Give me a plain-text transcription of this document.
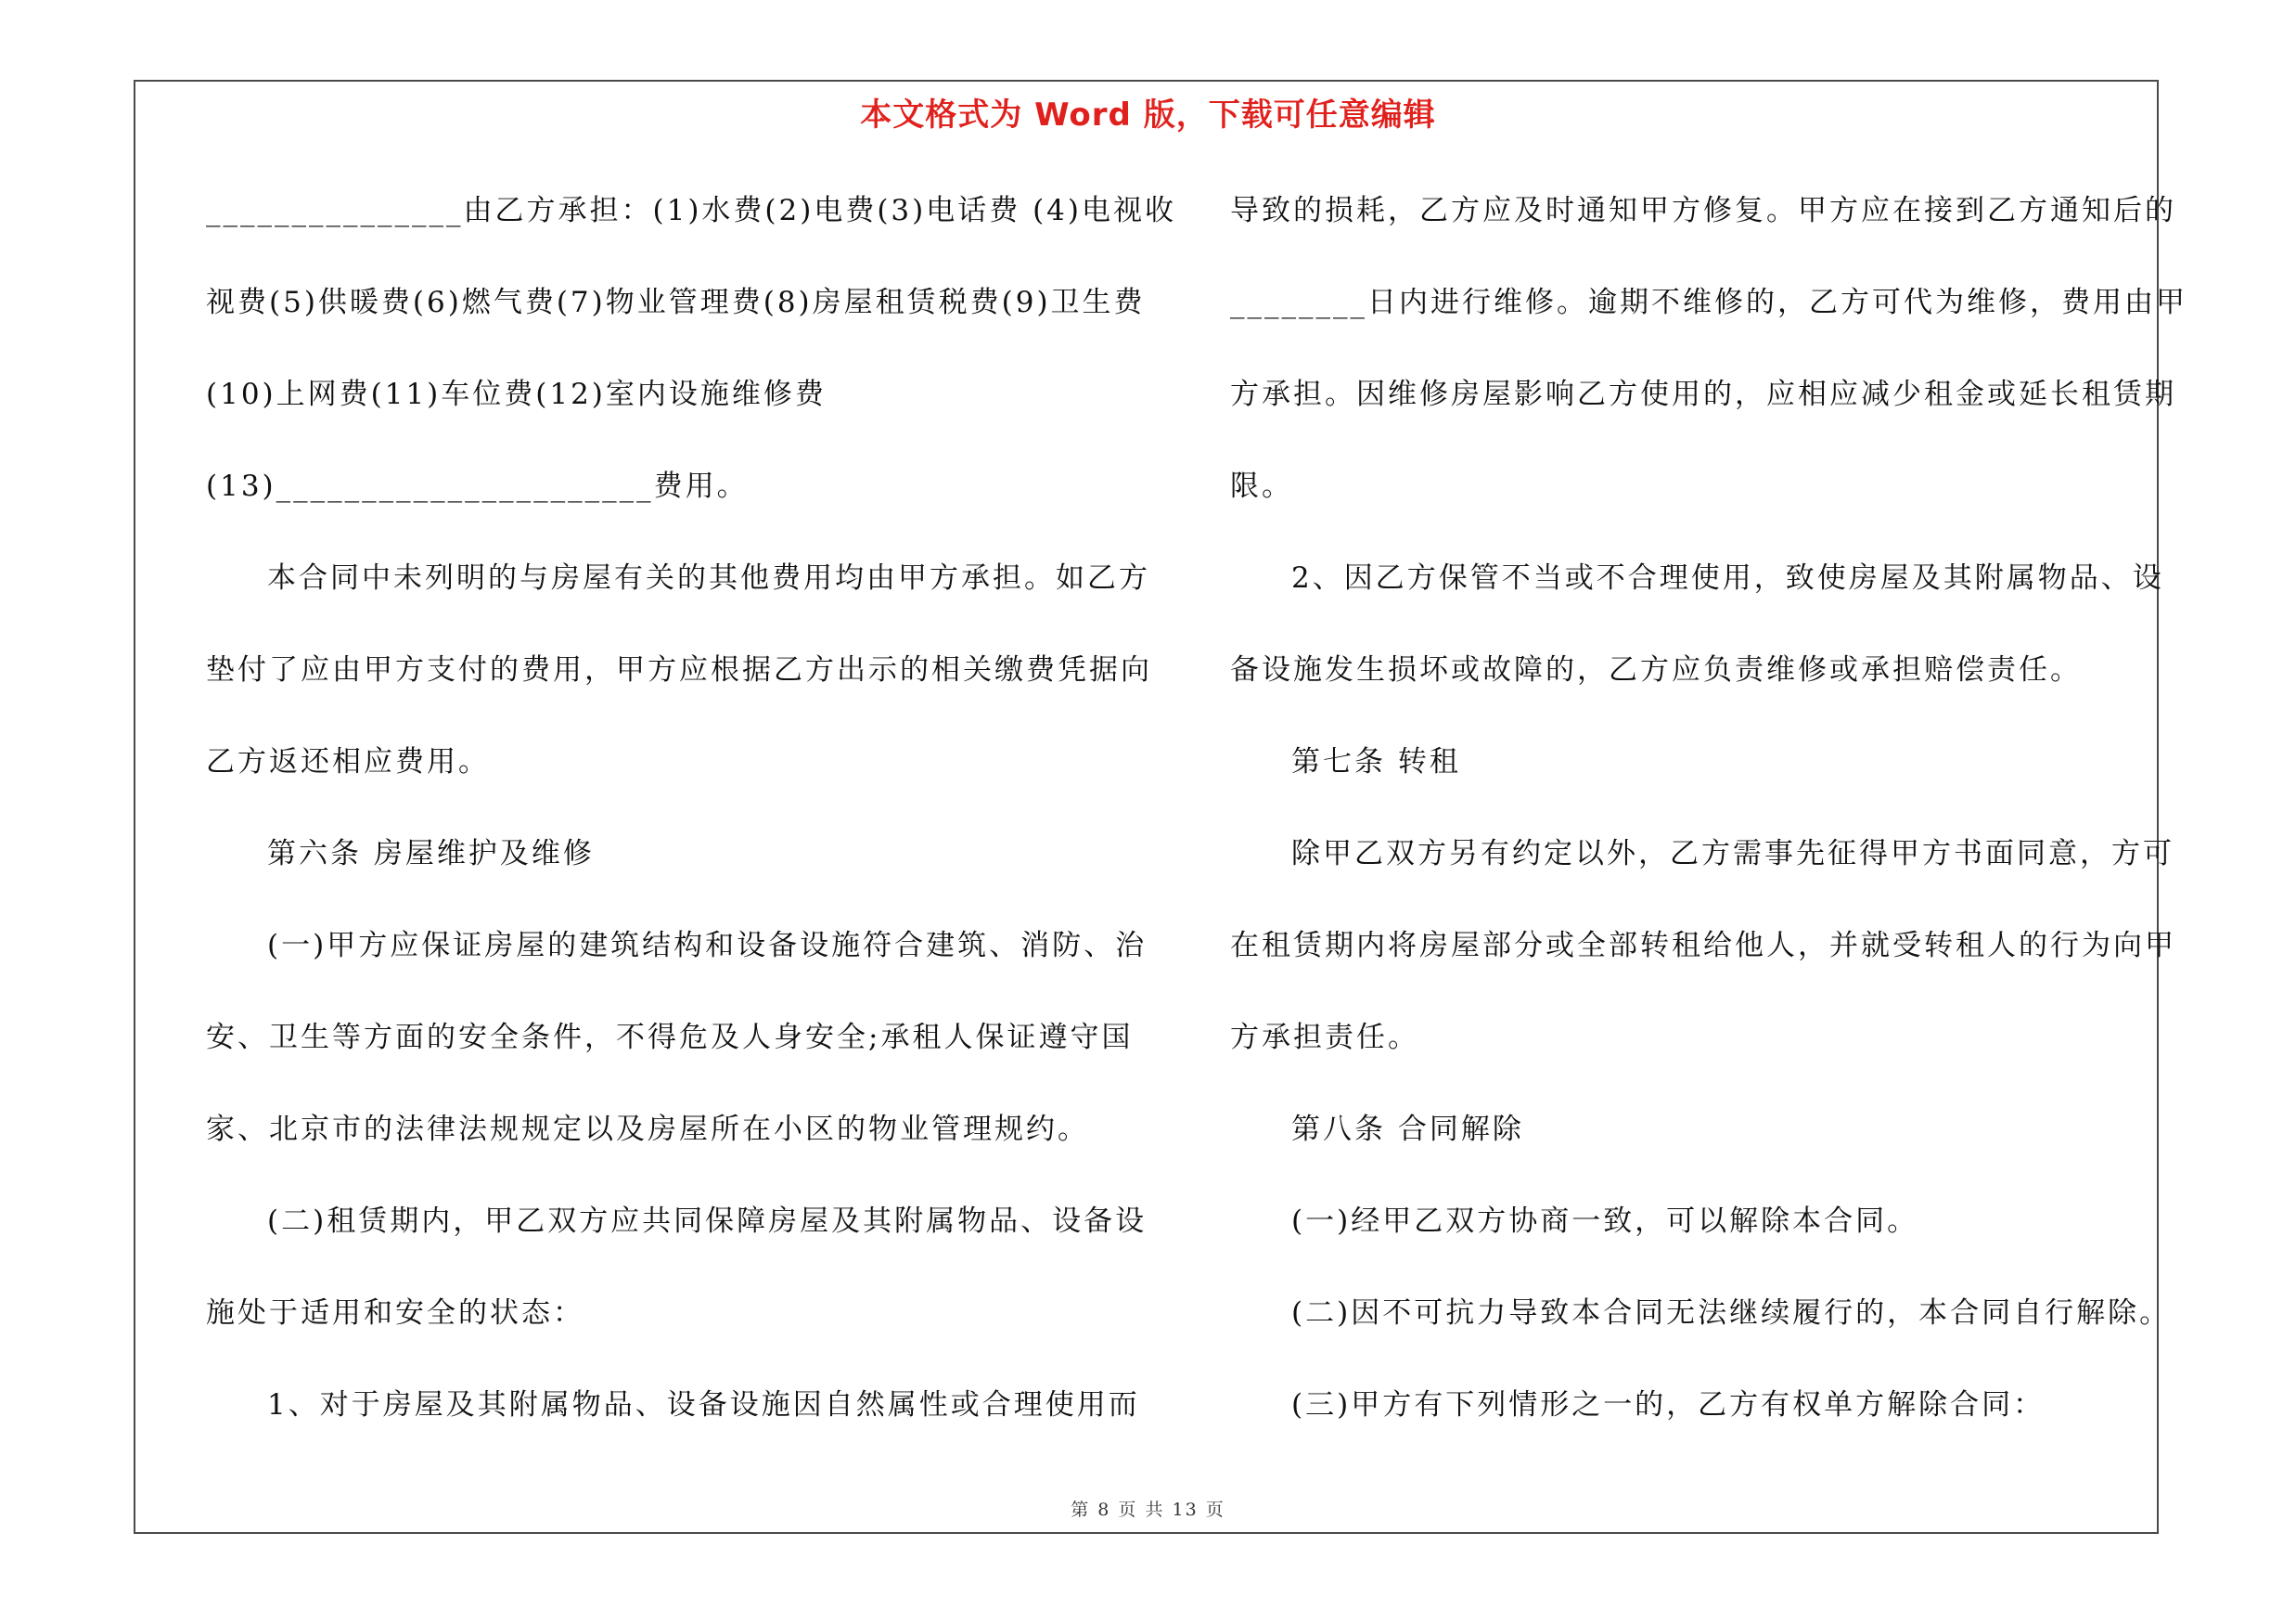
本文格式为 Word 版，下载可任意编辑
_______________由乙方承担：(1)水费(2)电费(3)电话费 (4)电视收
视费(5)供暖费(6)燃气费(7)物业管理费(8)房屋租赁税费(9)卫生费
(10)上网费(11)车位费(12)室内设施维修费
(13)______________________费用。
本合同中未列明的与房屋有关的其他费用均由甲方承担。如乙方
垫付了应由甲方支付的费用，甲方应根据乙方出示的相关缴费凭据向
乙方返还相应费用。
第六条 房屋维护及维修
(一)甲方应保证房屋的建筑结构和设备设施符合建筑、消防、治
安、卫生等方面的安全条件，不得危及人身安全;承租人保证遵守国
家、北京市的法律法规规定以及房屋所在小区的物业管理规约。
(二)租赁期内，甲乙双方应共同保障房屋及其附属物品、设备设
施处于适用和安全的状态：
1、对于房屋及其附属物品、设备设施因自然属性或合理使用而
导致的损耗，乙方应及时通知甲方修复。甲方应在接到乙方通知后的
________日内进行维修。逾期不维修的，乙方可代为维修，费用由甲
方承担。因维修房屋影响乙方使用的，应相应减少租金或延长租赁期
限。
2、因乙方保管不当或不合理使用，致使房屋及其附属物品、设
备设施发生损坏或故障的，乙方应负责维修或承担赔偿责任。
第七条 转租
除甲乙双方另有约定以外，乙方需事先征得甲方书面同意，方可
在租赁期内将房屋部分或全部转租给他人，并就受转租人的行为向甲
方承担责任。
第八条 合同解除
(一)经甲乙双方协商一致，可以解除本合同。
(二)因不可抗力导致本合同无法继续履行的，本合同自行解除。
(三)甲方有下列情形之一的，乙方有权单方解除合同：
第 8 页 共 13 页
